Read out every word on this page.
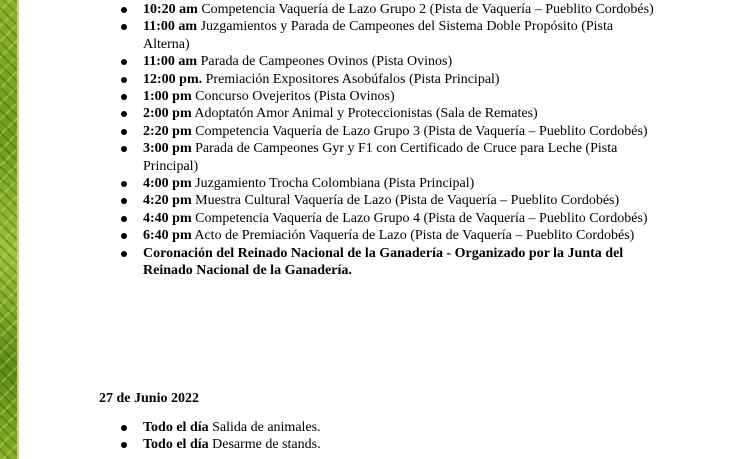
10:20 am Competencia Vaquería de Lazo Grupo 2 (Pista de Vaquería – Pueblito Cordobés)
11:00 am Juzgamientos y Parada de Campeones del Sistema Doble Propósito (Pista Alterna)
11:00 am Parada de Campeones Ovinos (Pista Ovinos)
12:00 pm. Premiación Expositores Asobúfalos (Pista Principal)
1:00 pm Concurso Ovejeritos (Pista Ovinos)
2:00 pm Adoptatón Amor Animal y Proteccionistas (Sala de Remates)
2:20 pm Competencia Vaquería de Lazo Grupo 3 (Pista de Vaquería – Pueblito Cordobés)
3:00 pm Parada de Campeones Gyr y F1 con Certificado de Cruce para Leche (Pista Principal)
4:00 pm Juzgamiento Trocha Colombiana (Pista Principal)
4:20 pm Muestra Cultural Vaquería de Lazo (Pista de Vaquería – Pueblito Cordobés)
4:40 pm Competencia Vaquería de Lazo Grupo 4 (Pista de Vaquería – Pueblito Cordobés)
6:40 pm Acto de Premiación Vaquería de Lazo (Pista de Vaquería – Pueblito Cordobés)
Coronación del Reinado Nacional de la Ganadería - Organizado por la Junta del Reinado Nacional de la Ganadería.
27 de Junio 2022
Todo el día Salida de animales.
Todo el día Desarme de stands.
